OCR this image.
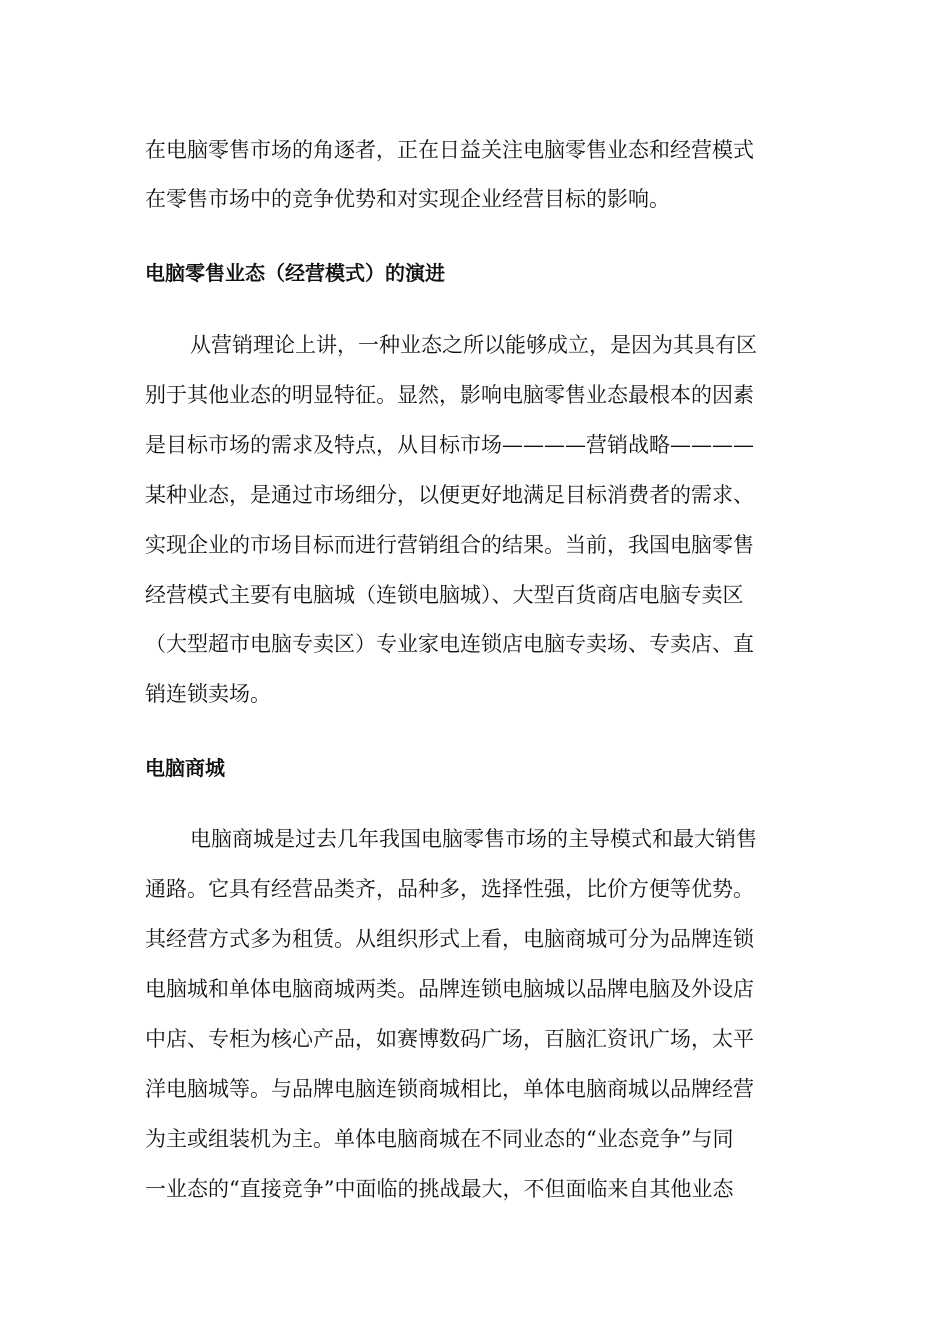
在电脑零售市场的角逐者，正在日益关注电脑零售业态和经营模式
在零售市场中的竞争优势和对实现企业经营目标的影响。
电脑零售业态（经营模式）的演进
从营销理论上讲，一种业态之所以能够成立，是因为其具有区
别于其他业态的明显特征。显然，影响电脑零售业态最根本的因素
是目标市场的需求及特点，从目标市场————营销战略————
某种业态，是通过市场细分，以便更好地满足目标消费者的需求、
实现企业的市场目标而进行营销组合的结果。当前，我国电脑零售
经营模式主要有电脑城（连锁电脑城）、大型百货商店电脑专卖区
（大型超市电脑专卖区）专业家电连锁店电脑专卖场、专卖店、直
销连锁卖场。
电脑商城
电脑商城是过去几年我国电脑零售市场的主导模式和最大销售
通路。它具有经营品类齐，品种多，选择性强，比价方便等优势。
其经营方式多为租赁。从组织形式上看，电脑商城可分为品牌连锁
电脑城和单体电脑商城两类。品牌连锁电脑城以品牌电脑及外设店
中店、专柜为核心产品，如赛博数码广场，百脑汇资讯广场，太平
洋电脑城等。与品牌电脑连锁商城相比，单体电脑商城以品牌经营
为主或组装机为主。单体电脑商城在不同业态的“业态竞争”与同
一业态的“直接竞争”中面临的挑战最大，不但面临来自其他业态
